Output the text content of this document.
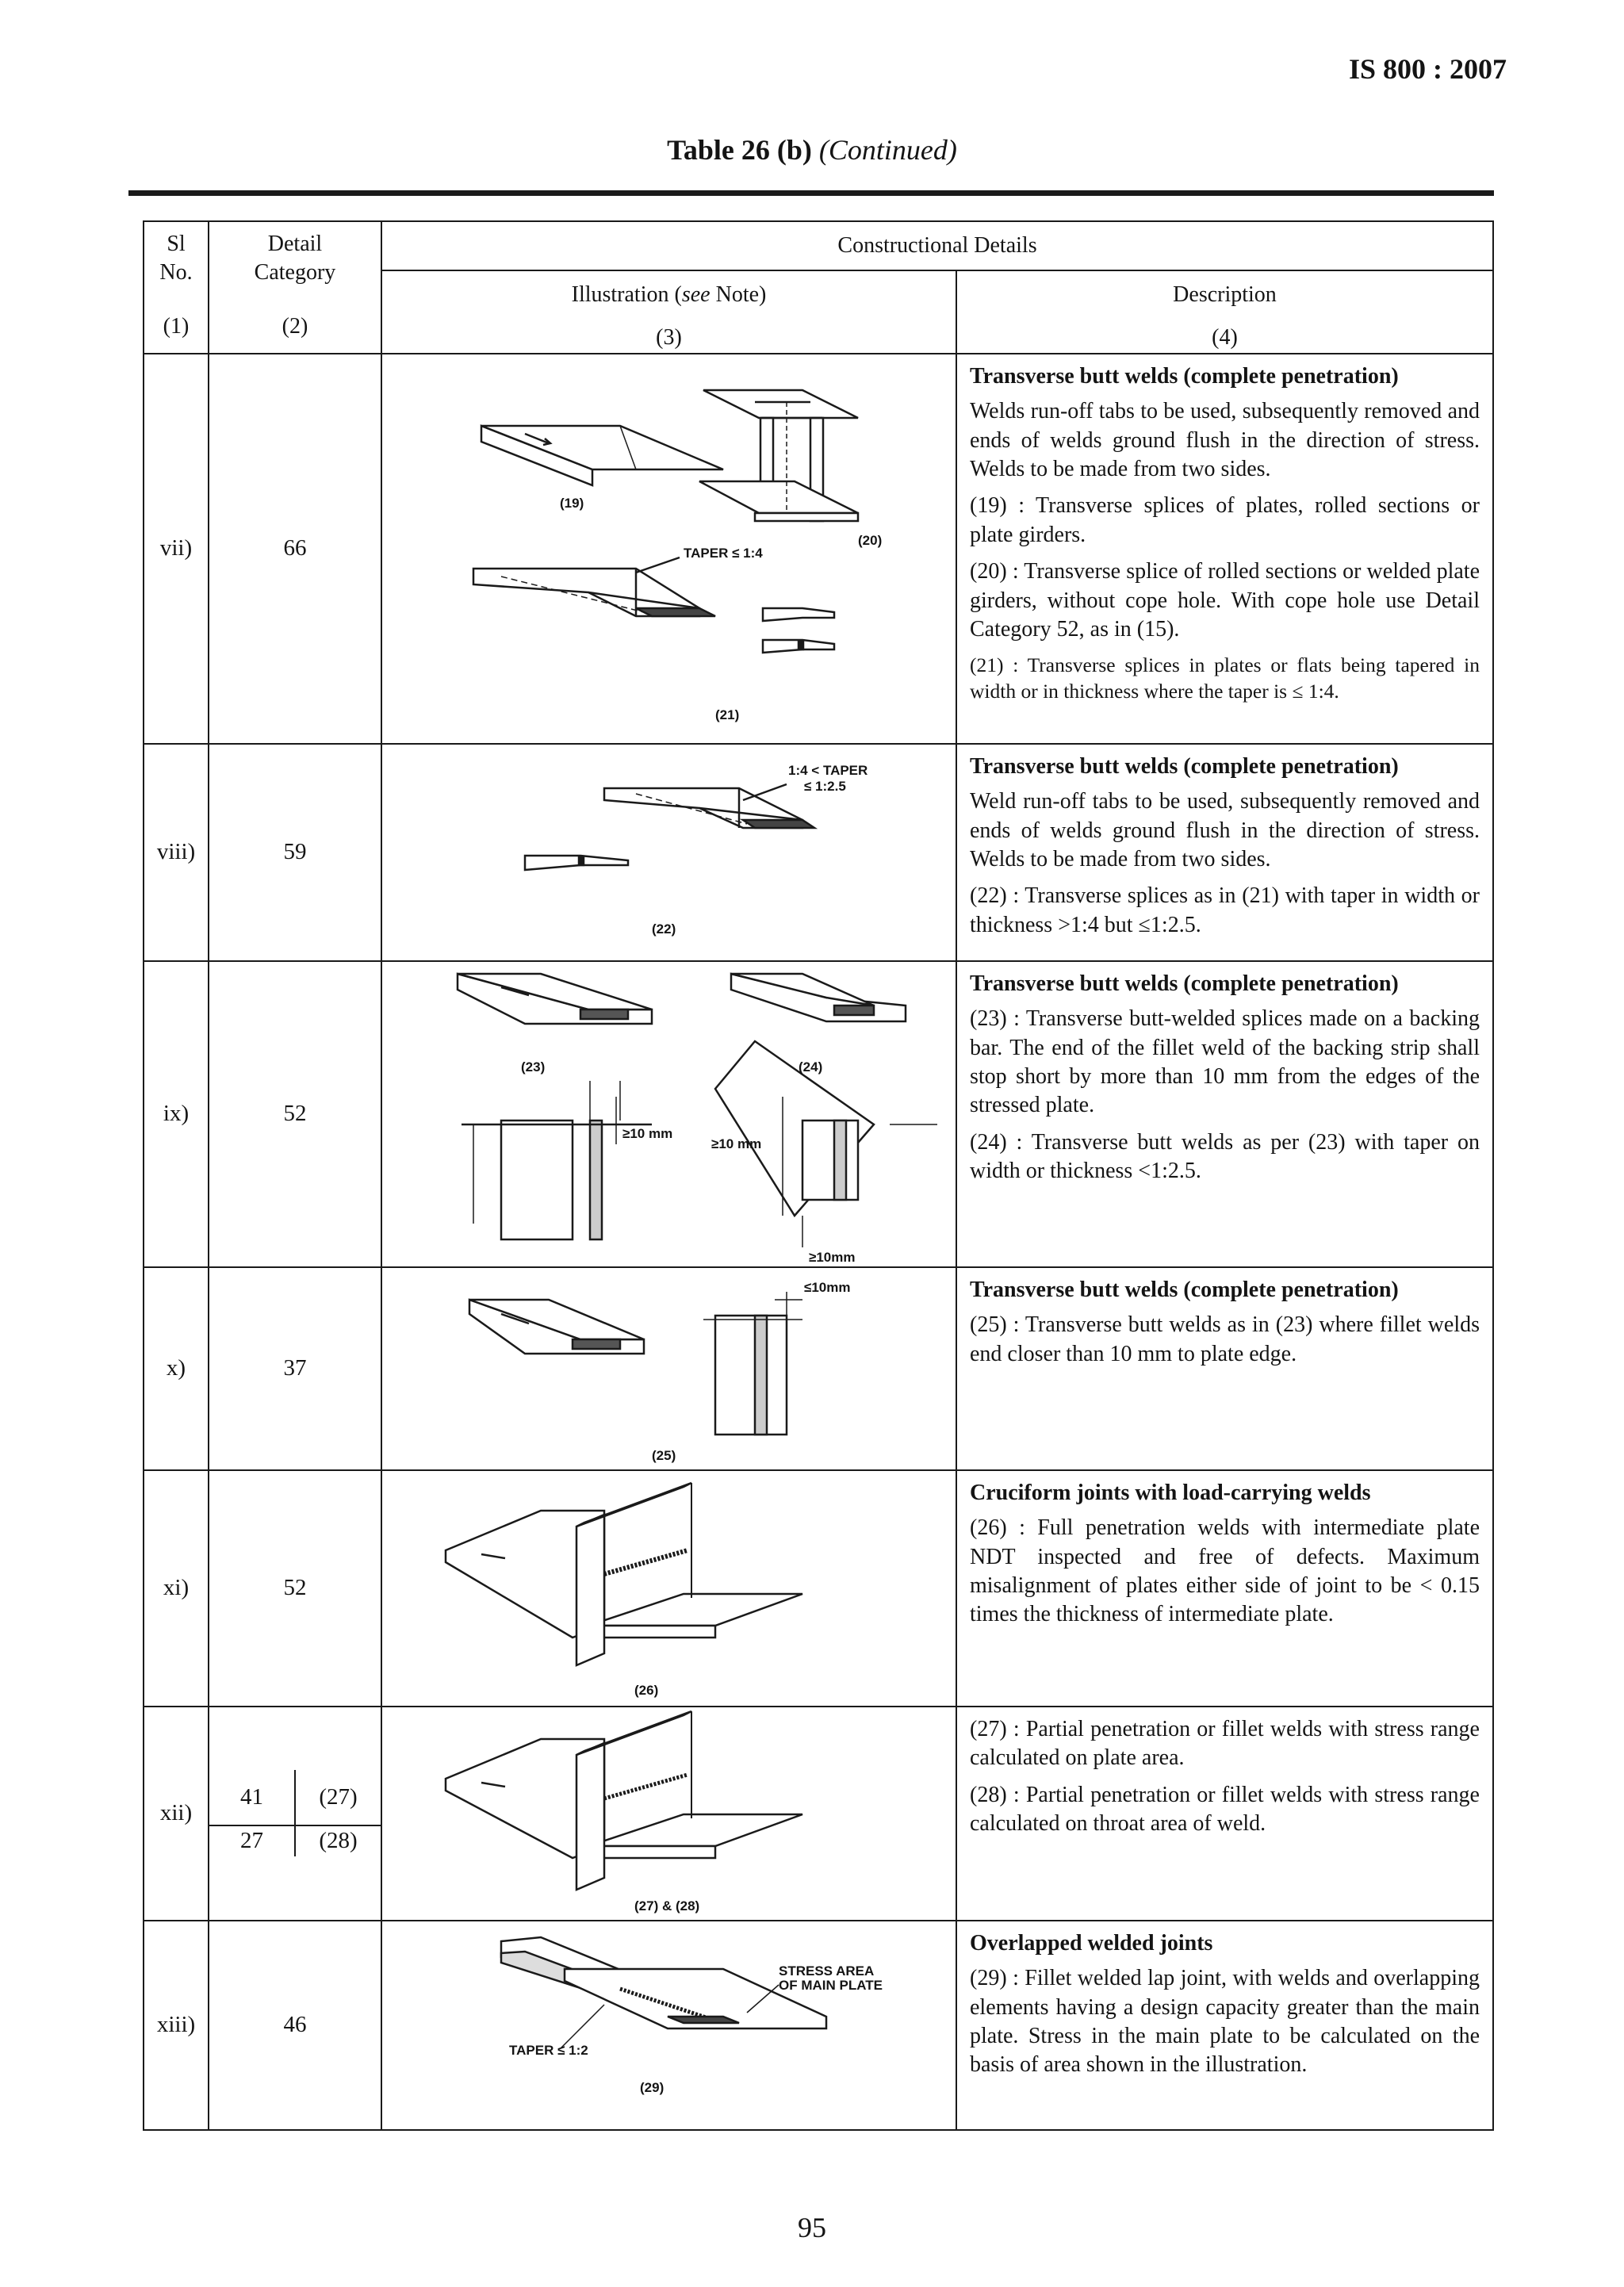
IS 800 : 2007
Table 26 (b) (Continued)
Sl
No.
(1)

Detail
Category
(2)
	Constructional Details
Illustration (see Note)
(3)
	Description
(4)

vii)	66	
(19)
(20)
TAPER ≤ 1:4
(21)

Transverse butt welds (complete penetration)

Welds run-off tabs to be used, subsequently removed and ends of welds ground flush in the direction of stress. Welds to be made from two sides.

(19) : Transverse splices of plates, rolled sections or plate girders.

(20) : Transverse splice of rolled sections or welded plate girders, without cope hole. With cope hole use Detail Category 52, as in (15).

(21) : Transverse splices in plates or flats being tapered in width or in thickness where the taper is ≤ 1:4.

viii)	59	
1:4 < TAPER
≤ 1:2.5
(22)

Transverse butt welds (complete penetration)

Weld run-off tabs to be used, subsequently removed and ends of welds ground flush in the direction of stress. Welds to be made from two sides.

(22) : Transverse splices as in (21) with taper in width or thickness >1:4 but ≤1:2.5.

ix)	52	
(23)	(24)
≥10 mm
≥10 mm
≥10mm

Transverse butt welds (complete penetration)

(23) : Transverse butt-welded splices made on a backing bar. The end of the fillet weld of the backing strip shall stop short by more than 10 mm from the edges of the stressed plate.

(24) : Transverse butt welds as per (23) with taper on width or thickness <1:2.5.

x)	37	
≤10mm
(25)

Transverse butt welds (complete penetration)

(25) : Transverse butt welds as in (23) where fillet welds end closer than 10 mm to plate edge.

xi)	52	
(26)

Cruciform joints with load-carrying welds

(26) : Full penetration welds with intermediate plate NDT inspected and free of defects. Maximum misalignment of plates either side of joint to be < 0.15 times the thickness of intermediate plate.

xii)	
41	(27)
27	(28)

(27) & (28)

(27) : Partial penetration or fillet welds with stress range calculated on plate area.

(28) : Partial penetration or fillet welds with stress range calculated on throat area of weld.

xiii)	46	
STRESS AREA
OF MAIN PLATE
TAPER ≤ 1:2
(29)

Overlapped welded joints

(29) : Fillet welded lap joint, with welds and overlapping elements having a design capacity greater than the main plate. Stress in the main plate to be calculated on the basis of area shown in the illustration.

95
